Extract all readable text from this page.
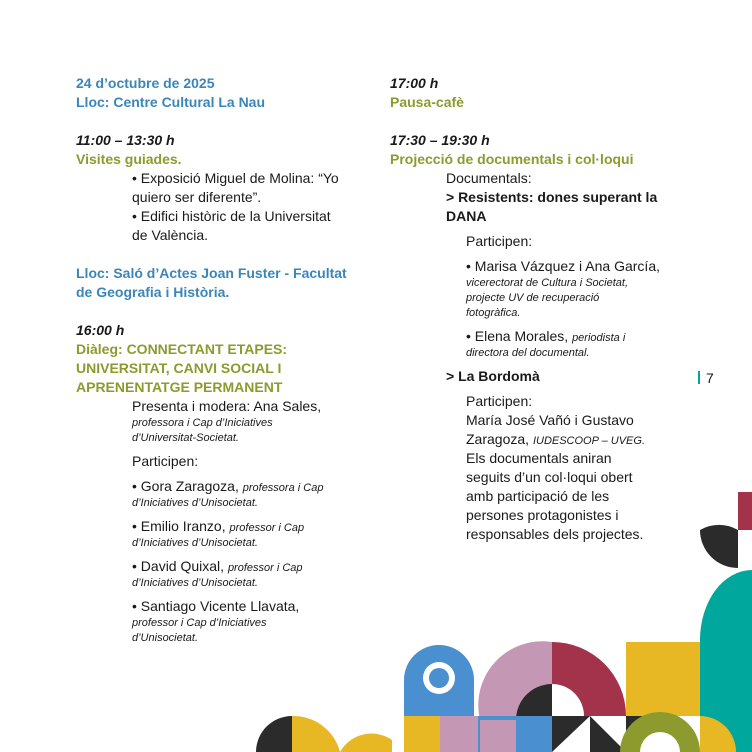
24 d’octubre de 2025
Lloc: Centre Cultural La Nau
11:00 – 13:30 h
Visites guiades.
• Exposició Miguel de Molina: “Yo
quiero ser diferente”.
• Edifici històric de la Universitat
de València.
Lloc: Saló d’Actes Joan Fuster - Facultat
de Geografia i Història.
16:00 h
Diàleg: CONNECTANT ETAPES:
UNIVERSITAT, CANVI SOCIAL I
APRENENTATGE PERMANENT
Presenta i modera: Ana Sales,
professora i Cap d’Iniciatives
d’Universitat-Societat.
Participen:
• Gora Zaragoza, professora i Cap
d’Iniciatives d’Unisocietat.
• Emilio Iranzo, professor i Cap
d’Iniciatives d’Unisocietat.
• David Quixal, professor i Cap
d’Iniciatives d’Unisocietat.
• Santiago Vicente Llavata,
professor i Cap d’Iniciatives
d’Unisocietat.
17:00 h
Pausa-cafè
17:30 – 19:30 h
Projecció de documentals i col·loqui
Documentals:
> Resistents: dones superant la
DANA
Participen:
• Marisa Vázquez i Ana García,
vicerectorat de Cultura i Societat,
projecte UV de recuperació
fotogràfica.
• Elena Morales, periodista i
directora del documental.
> La Bordomà
Participen:
María José Vañó i Gustavo
Zaragoza, IUDESCOOP – UVEG.
Els documentals aniran
seguits d’un col·loqui obert
amb participació de les
persones protagonistes i
responsables dels projectes.
7
